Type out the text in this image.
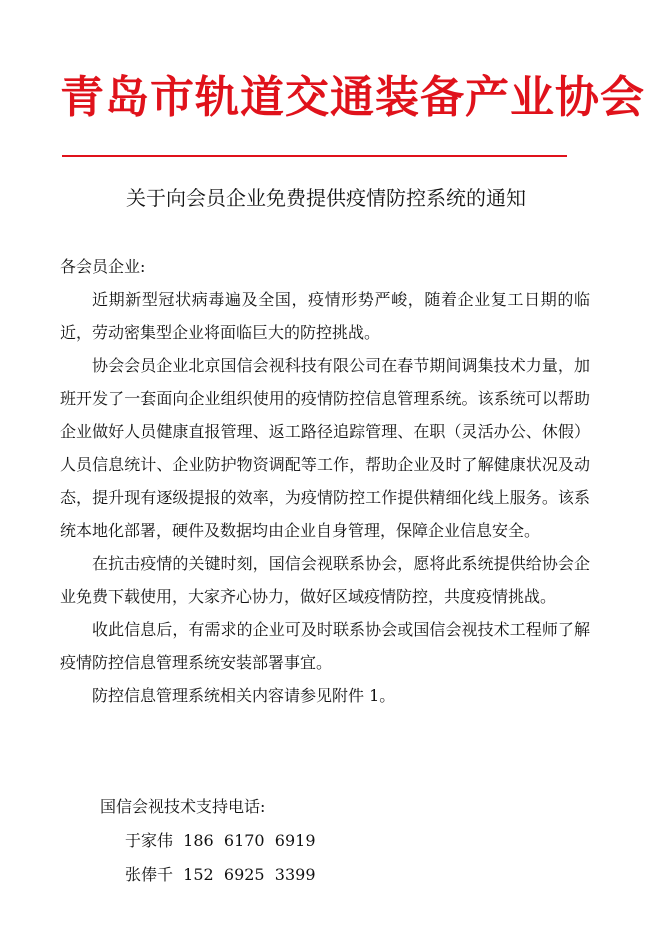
青岛市轨道交通装备产业协会
关于向会员企业免费提供疫情防控系统的通知

各会员企业:

近期新型冠状病毒遍及全国，疫情形势严峻，随着企业复工日期的临近，劳动密集型企业将面临巨大的防控挑战。

协会会员企业北京国信会视科技有限公司在春节期间调集技术力量，加班开发了一套面向企业组织使用的疫情防控信息管理系统。该系统可以帮助企业做好人员健康直报管理、返工路径追踪管理、在职（灵活办公、休假）人员信息统计、企业防护物资调配等工作，帮助企业及时了解健康状况及动态，提升现有逐级提报的效率，为疫情防控工作提供精细化线上服务。该系统本地化部署，硬件及数据均由企业自身管理，保障企业信息安全。

在抗击疫情的关键时刻，国信会视联系协会，愿将此系统提供给协会企业免费下载使用，大家齐心协力，做好区域疫情防控，共度疫情挑战。

收此信息后，有需求的企业可及时联系协会或国信会视技术工程师了解疫情防控信息管理系统安装部署事宜。

防控信息管理系统相关内容请参见附件 1。

国信会视技术支持电话:

于家伟  186  6170  6919

张俸千  152  6925  3399
